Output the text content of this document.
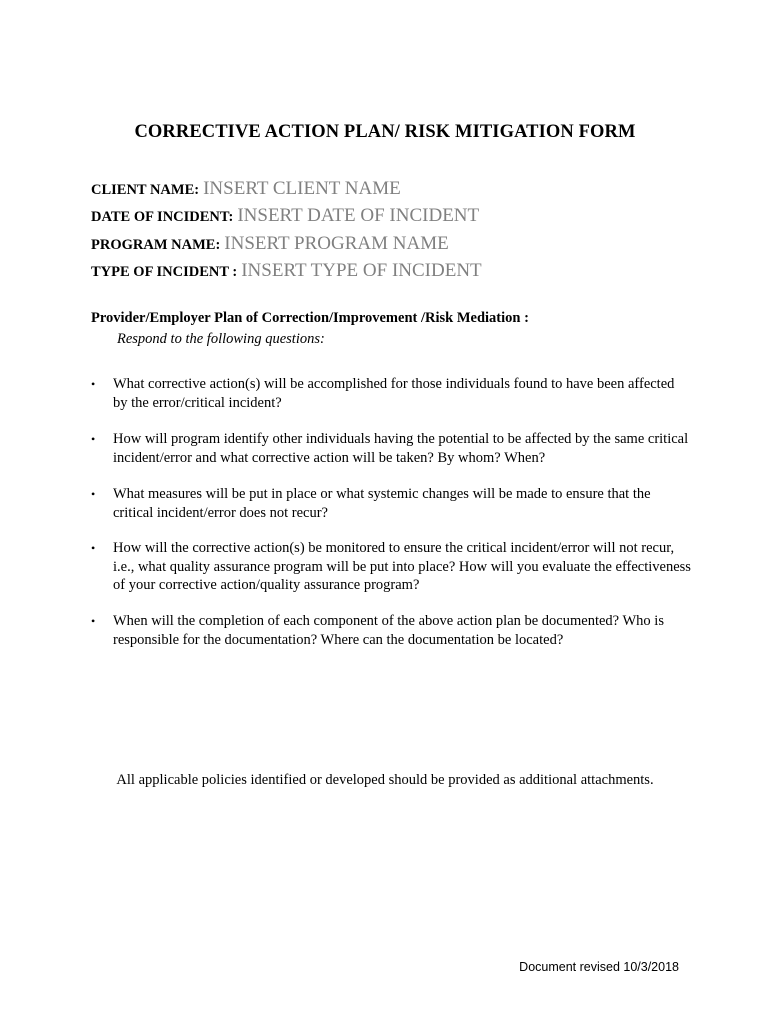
CORRECTIVE ACTION PLAN/ RISK MITIGATION FORM
CLIENT NAME: INSERT CLIENT NAME
DATE OF INCIDENT: INSERT DATE OF INCIDENT
PROGRAM NAME: INSERT PROGRAM NAME
TYPE OF INCIDENT : INSERT TYPE OF INCIDENT
Provider/Employer Plan of Correction/Improvement /Risk Mediation :
Respond to the following questions:
• What corrective action(s) will be accomplished for those individuals found to have been affected by the error/critical incident?
• How will program identify other individuals having the potential to be affected by the same critical incident/error and what corrective action will be taken? By whom? When?
• What measures will be put in place or what systemic changes will be made to ensure that the critical incident/error does not recur?
• How will the corrective action(s) be monitored to ensure the critical incident/error will not recur, i.e., what quality assurance program will be put into place? How will you evaluate the effectiveness of your corrective action/quality assurance program?
• When will the completion of each component of the above action plan be documented? Who is responsible for the documentation? Where can the documentation be located?
All applicable policies identified or developed should be provided as additional attachments.
Document revised 10/3/2018
